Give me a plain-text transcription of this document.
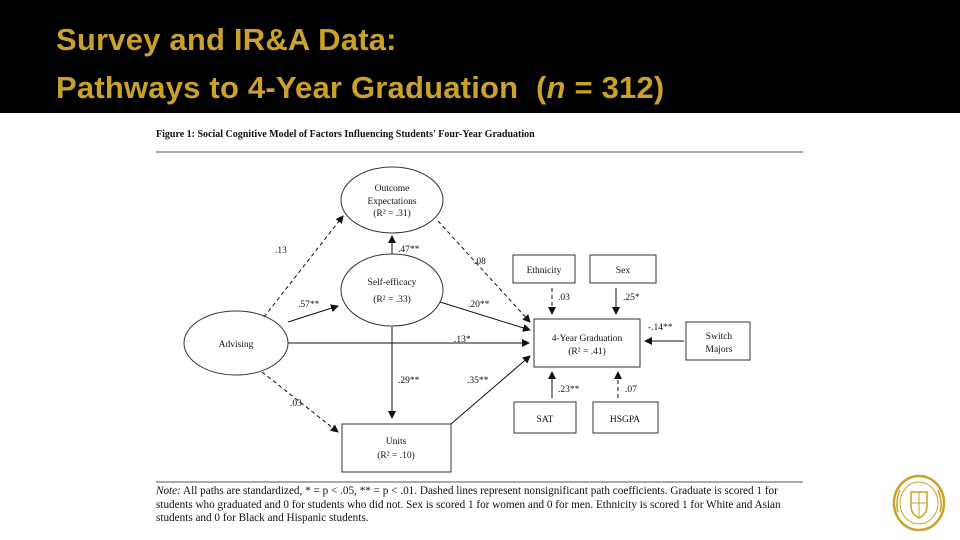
Survey and IR&A Data:
Pathways to 4-Year Graduation (n = 312)
Figure 1: Social Cognitive Model of Factors Influencing Students' Four-Year Graduation
Outcome
Expectations
(R² = .31)
Self-efficacy
(R² = .33)
Advising
Units
(R² = .10)
Ethnicity	Sex
4-Year Graduation
(R² = .41)
Switch
Majors
SAT	HSGPA
.13	.47**
.08
.57**	.20**
.13*
.29**	.35**
.03
.03	.25*
-.14**
.23**	.07
Note: All paths are standardized, * = p < .05, ** = p < .01. Dashed lines represent nonsignificant path coefficients. Graduate is scored 1 for students who graduated and 0 for students who did not. Sex is scored 1 for women and 0 for men. Ethnicity is scored 1 for White and Asian students and 0 for Black and Hispanic students.
